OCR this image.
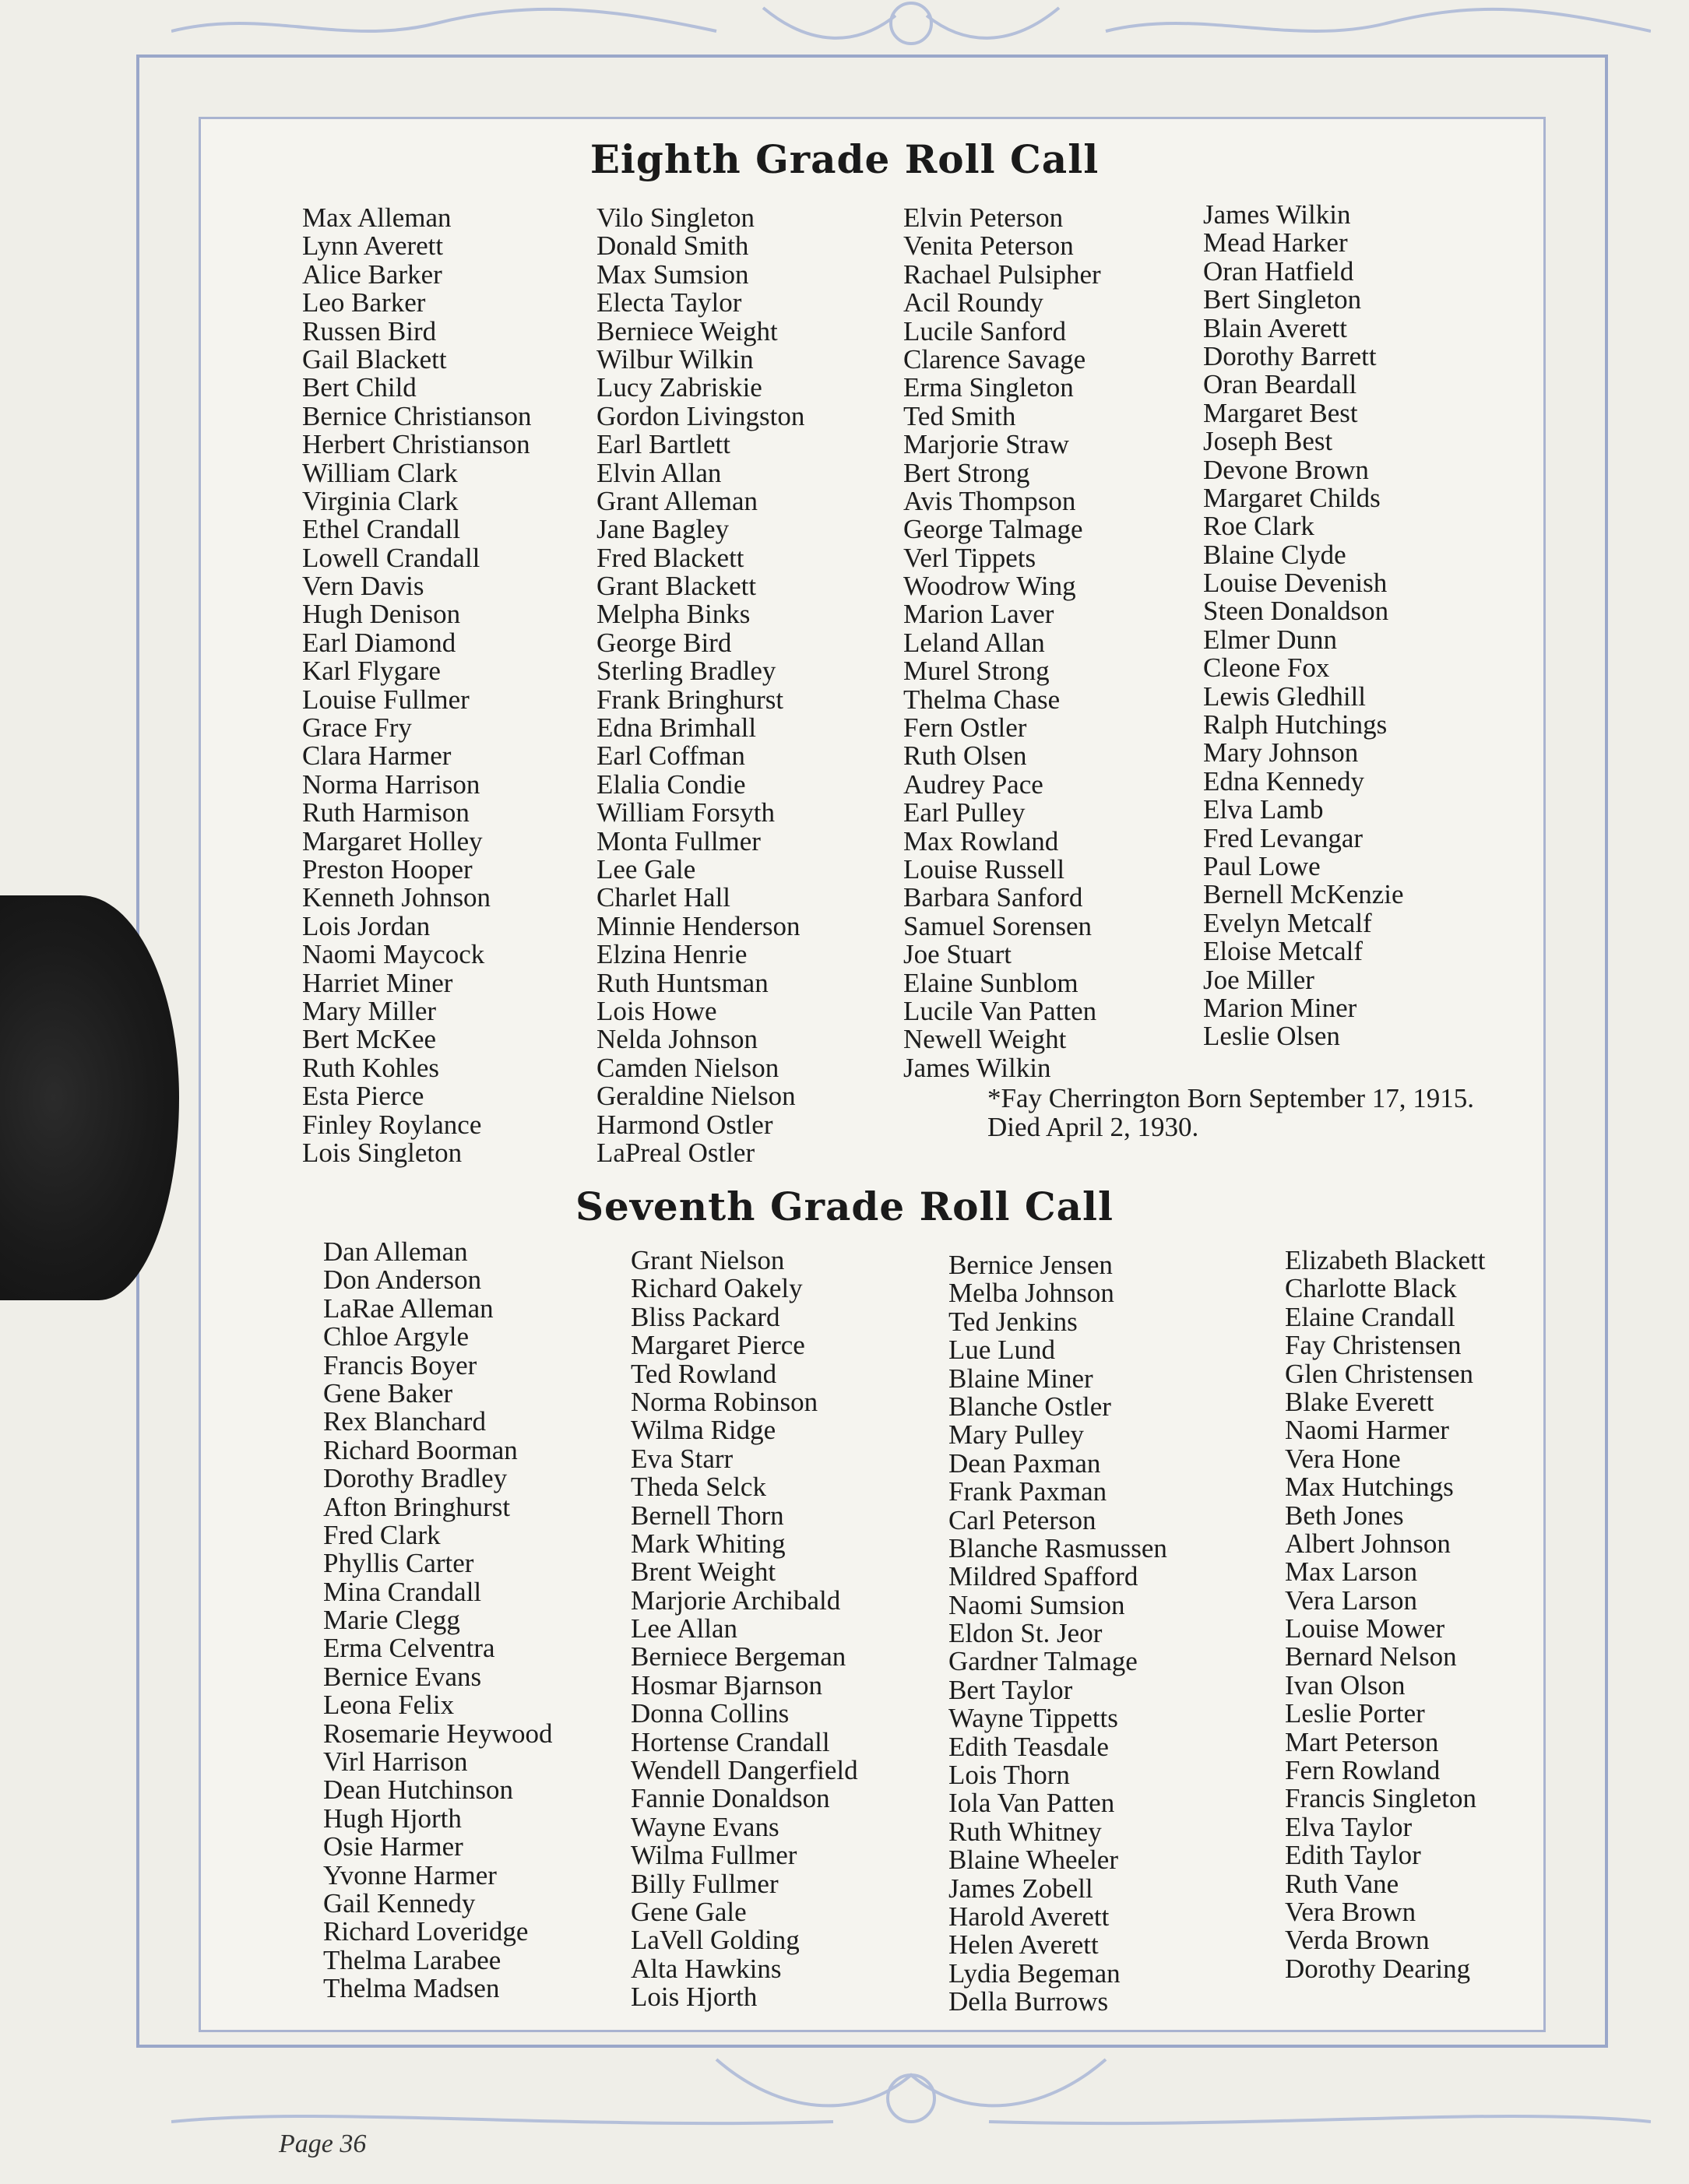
Eighth Grade Roll Call
Max Alleman
Lynn Averett
Alice Barker
Leo Barker
Russen Bird
Gail Blackett
Bert Child
Bernice Christianson
Herbert Christianson
William Clark
Virginia Clark
Ethel Crandall
Lowell Crandall
Vern Davis
Hugh Denison
Earl Diamond
Karl Flygare
Louise Fullmer
Grace Fry
Clara Harmer
Norma Harrison
Ruth Harmison
Margaret Holley
Preston Hooper
Kenneth Johnson
Lois Jordan
Naomi Maycock
Harriet Miner
Mary Miller
Bert McKee
Ruth Kohles
Esta Pierce
Finley Roylance
Lois Singleton
Vilo Singleton
Donald Smith
Max Sumsion
Electa Taylor
Berniece Weight
Wilbur Wilkin
Lucy Zabriskie
Gordon Livingston
Earl Bartlett
Elvin Allan
Grant Alleman
Jane Bagley
Fred Blackett
Grant Blackett
Melpha Binks
George Bird
Sterling Bradley
Frank Bringhurst
Edna Brimhall
Earl Coffman
Elalia Condie
William Forsyth
Monta Fullmer
Lee Gale
Charlet Hall
Minnie Henderson
Elzina Henrie
Ruth Huntsman
Lois Howe
Nelda Johnson
Camden Nielson
Geraldine Nielson
Harmond Ostler
LaPreal Ostler
Elvin Peterson
Venita Peterson
Rachael Pulsipher
Acil Roundy
Lucile Sanford
Clarence Savage
Erma Singleton
Ted Smith
Marjorie Straw
Bert Strong
Avis Thompson
George Talmage
Verl Tippets
Woodrow Wing
Marion Laver
Leland Allan
Murel Strong
Thelma Chase
Fern Ostler
Ruth Olsen
Audrey Pace
Earl Pulley
Max Rowland
Louise Russell
Barbara Sanford
Samuel Sorensen
Joe Stuart
Elaine Sunblom
Lucile Van Patten
Newell Weight
James Wilkin
James Wilkin
Mead Harker
Oran Hatfield
Bert Singleton
Blain Averett
Dorothy Barrett
Oran Beardall
Margaret Best
Joseph Best
Devone Brown
Margaret Childs
Roe Clark
Blaine Clyde
Louise Devenish
Steen Donaldson
Elmer Dunn
Cleone Fox
Lewis Gledhill
Ralph Hutchings
Mary Johnson
Edna Kennedy
Elva Lamb
Fred Levangar
Paul Lowe
Bernell McKenzie
Evelyn Metcalf
Eloise Metcalf
Joe Miller
Marion Miner
Leslie Olsen
*Fay Cherrington Born September 17, 1915. Died April 2, 1930.
Seventh Grade Roll Call
Dan Alleman
Don Anderson
LaRae Alleman
Chloe Argyle
Francis Boyer
Gene Baker
Rex Blanchard
Richard Boorman
Dorothy Bradley
Afton Bringhurst
Fred Clark
Phyllis Carter
Mina Crandall
Marie Clegg
Erma Celventra
Bernice Evans
Leona Felix
Rosemarie Heywood
Virl Harrison
Dean Hutchinson
Hugh Hjorth
Osie Harmer
Yvonne Harmer
Gail Kennedy
Richard Loveridge
Thelma Larabee
Thelma Madsen
Grant Nielson
Richard Oakely
Bliss Packard
Margaret Pierce
Ted Rowland
Norma Robinson
Wilma Ridge
Eva Starr
Theda Selck
Bernell Thorn
Mark Whiting
Brent Weight
Marjorie Archibald
Lee Allan
Berniece Bergeman
Hosmar Bjarnson
Donna Collins
Hortense Crandall
Wendell Dangerfield
Fannie Donaldson
Wayne Evans
Wilma Fullmer
Billy Fullmer
Gene Gale
LaVell Golding
Alta Hawkins
Lois Hjorth
Bernice Jensen
Melba Johnson
Ted Jenkins
Lue Lund
Blaine Miner
Blanche Ostler
Mary Pulley
Dean Paxman
Frank Paxman
Carl Peterson
Blanche Rasmussen
Mildred Spafford
Naomi Sumsion
Eldon St. Jeor
Gardner Talmage
Bert Taylor
Wayne Tippetts
Edith Teasdale
Lois Thorn
Iola Van Patten
Ruth Whitney
Blaine Wheeler
James Zobell
Harold Averett
Helen Averett
Lydia Begeman
Della Burrows
Elizabeth Blackett
Charlotte Black
Elaine Crandall
Fay Christensen
Glen Christensen
Blake Everett
Naomi Harmer
Vera Hone
Max Hutchings
Beth Jones
Albert Johnson
Max Larson
Vera Larson
Louise Mower
Bernard Nelson
Ivan Olson
Leslie Porter
Mart Peterson
Fern Rowland
Francis Singleton
Elva Taylor
Edith Taylor
Ruth Vane
Vera Brown
Verda Brown
Dorothy Dearing
Page 36
